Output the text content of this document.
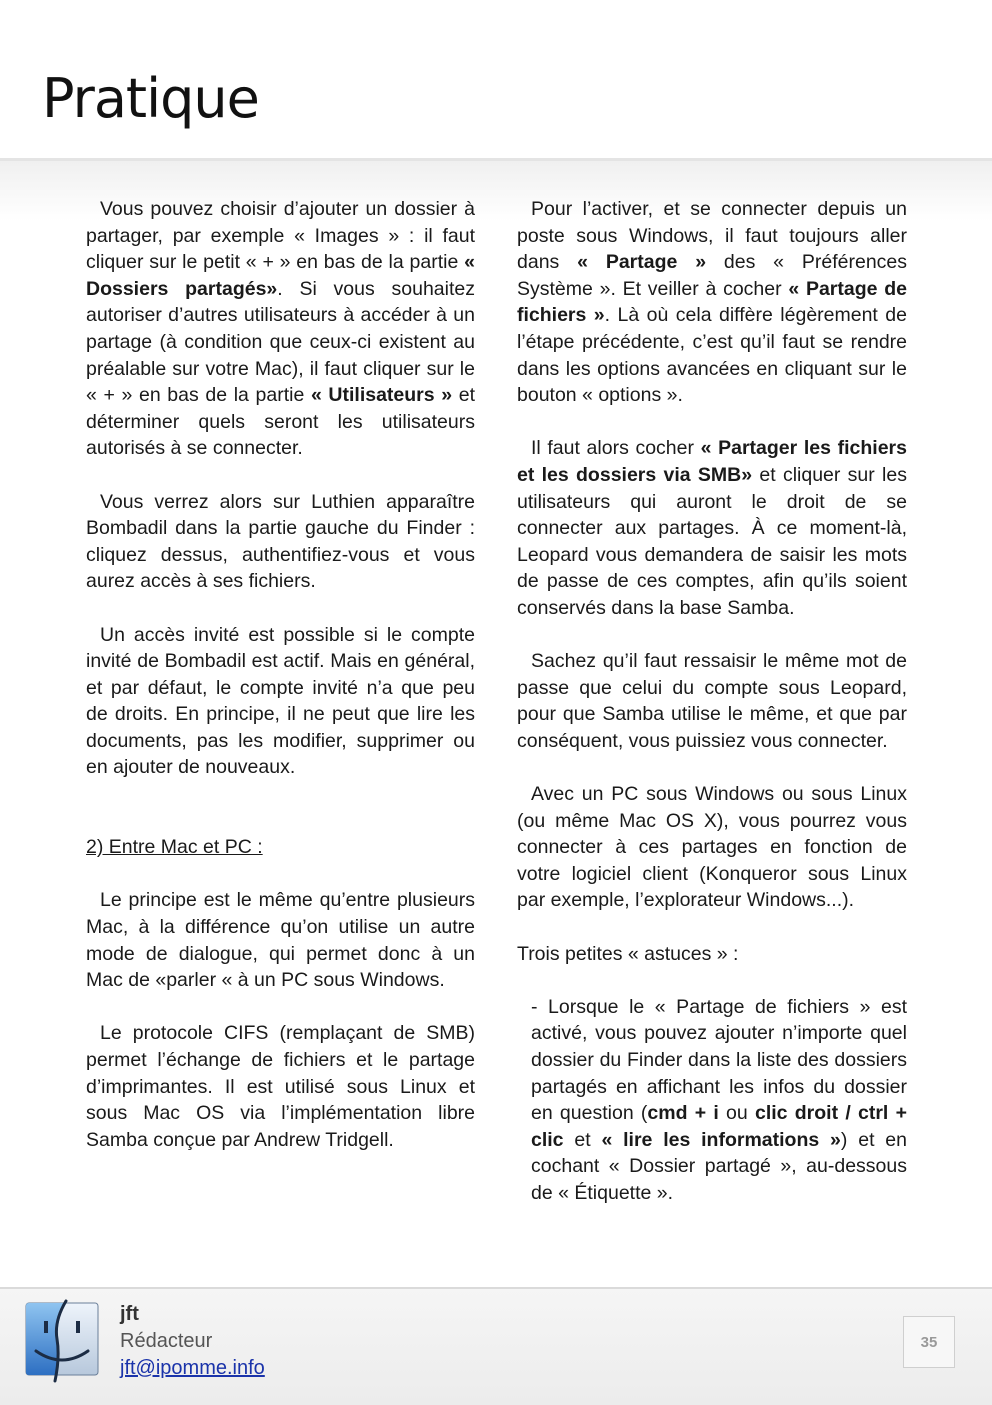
Pratique

Vous pouvez choisir d’ajouter un dossier à partager, par exemple « Images » : il faut cliquer sur le petit « + » en bas de la partie « Dossiers partagés». Si vous souhaitez autoriser d’autres utilisateurs à accéder à un partage (à condition que ceux-ci existent au préalable sur votre Mac), il faut cliquer sur le « + » en bas de la partie « Utilisateurs » et déterminer quels seront les utilisateurs autorisés à se connecter.

Vous verrez alors sur Luthien apparaître Bombadil dans la partie gauche du Finder : cliquez dessus, authentifiez-vous et vous aurez accès à ses fichiers.

Un accès invité est possible si le compte invité de Bombadil est actif. Mais en général, et par défaut, le compte invité n’a que peu de droits. En principe, il ne peut que lire les documents, pas les modifier, supprimer ou en ajouter de nouveaux.

2) Entre Mac et PC :

Le principe est le même qu’entre plusieurs Mac, à la différence qu’on utilise un autre mode de dialogue, qui permet donc à un Mac de «parler « à un PC sous Windows.

Le protocole CIFS (remplaçant de SMB) permet l’échange de fichiers et le partage d’imprimantes. Il est utilisé sous Linux et sous Mac OS via l’implémentation libre Samba conçue par Andrew Tridgell.

Pour l’activer, et se connecter depuis un poste sous Windows, il faut toujours aller dans « Partage » des « Préférences Système ». Et veiller à cocher « Partage de fichiers ». Là où cela diffère légèrement de l’étape précédente, c’est qu’il faut se rendre dans les options avancées en cliquant sur le bouton « options ».

Il faut alors cocher « Partager les fichiers et les dossiers via SMB» et cliquer sur les utilisateurs qui auront le droit de se connecter aux partages. À ce moment-là, Leopard vous demandera de saisir les mots de passe de ces comptes, afin qu’ils soient conservés dans la base Samba.

Sachez qu’il faut ressaisir le même mot de passe que celui du compte sous Leopard, pour que Samba utilise le même, et que par conséquent, vous puissiez vous connecter.

Avec un PC sous Windows ou sous Linux (ou même Mac OS X), vous pourrez vous connecter à ces partages en fonction de votre logiciel client (Konqueror sous Linux par exemple, l’explorateur Windows...).

Trois petites « astuces » :

- Lorsque le « Partage de fichiers » est activé, vous pouvez ajouter n’importe quel dossier du Finder dans la liste des dossiers partagés en affichant les infos du dossier en question (cmd + i ou clic droit / ctrl + clic et « lire les informations ») et en cochant « Dossier partagé », au-dessous de « Étiquette ».

jft
Rédacteur
jft@ipomme.info
35
